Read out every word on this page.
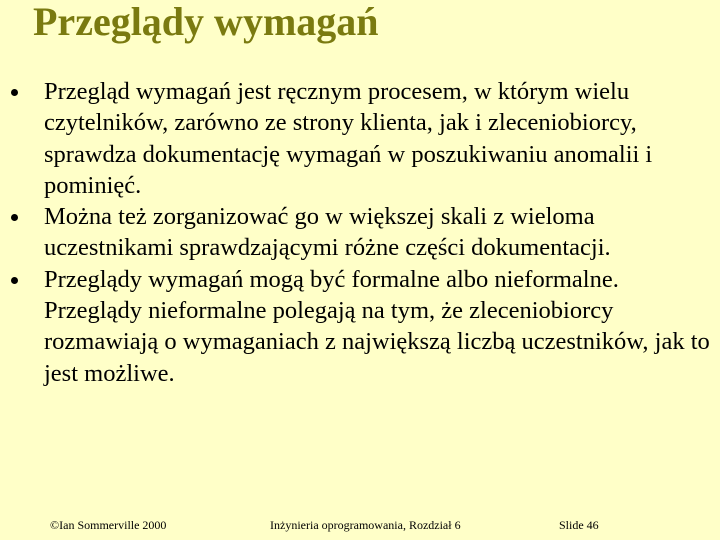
Przeglądy wymagań
Przegląd wymagań jest ręcznym procesem, w którym wielu czytelników, zarówno ze strony klienta, jak i zleceniobiorcy, sprawdza dokumentację wymagań w poszukiwaniu anomalii i pominięć.
Można też zorganizować go w większej skali z wieloma uczestnikami sprawdzającymi różne części dokumentacji.
Przeglądy wymagań mogą być formalne albo nieformalne. Przeglądy nieformalne polegają na tym, że zleceniobiorcy rozmawiają o wymaganiach z największą liczbą uczestników, jak to jest możliwe.
©Ian Sommerville 2000	Inżynieria oprogramowania, Rozdział 6	Slide 46
